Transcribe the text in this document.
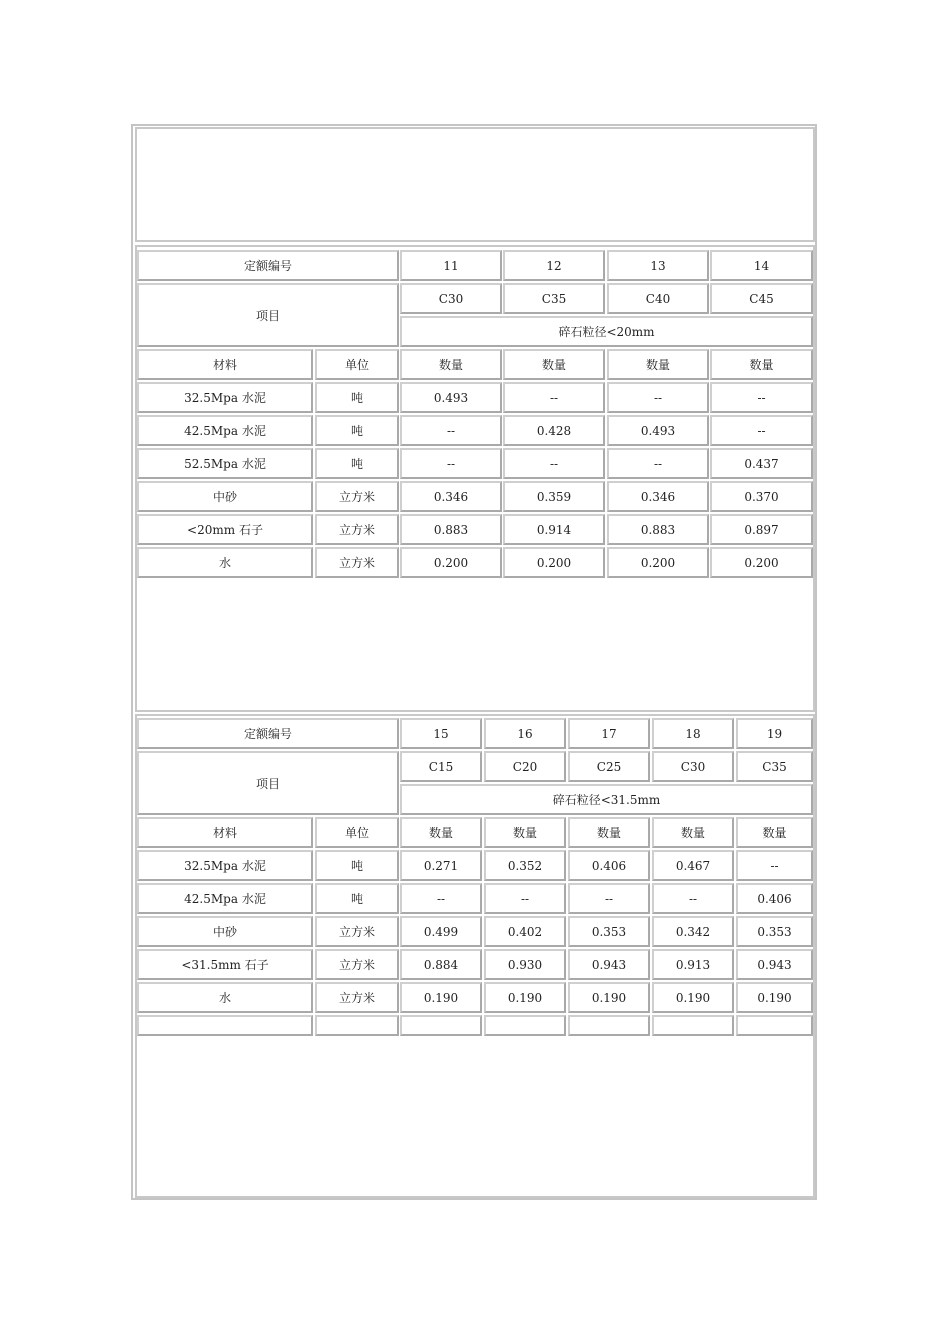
定额编号	11	12	13	14
项目
C30	C35	C40	C45
碎石粒径<20mm
材料	单位	数量	数量	数量	数量
32.5Mpa 水泥	吨	0.493	--	--	--
42.5Mpa 水泥	吨	--	0.428	0.493	--
52.5Mpa 水泥	吨	--	--	--	0.437
中砂	立方米	0.346	0.359	0.346	0.370
<20mm 石子	立方米	0.883	0.914	0.883	0.897
水	立方米	0.200	0.200	0.200	0.200
定额编号	15	16	17	18	19
项目
C15	C20	C25	C30	C35
碎石粒径<31.5mm
材料	单位	数量	数量	数量	数量	数量
32.5Mpa 水泥	吨	0.271	0.352	0.406	0.467	--
42.5Mpa 水泥	吨	--	--	--	--	0.406
中砂	立方米	0.499	0.402	0.353	0.342	0.353
<31.5mm 石子	立方米	0.884	0.930	0.943	0.913	0.943
水	立方米	0.190	0.190	0.190	0.190	0.190
